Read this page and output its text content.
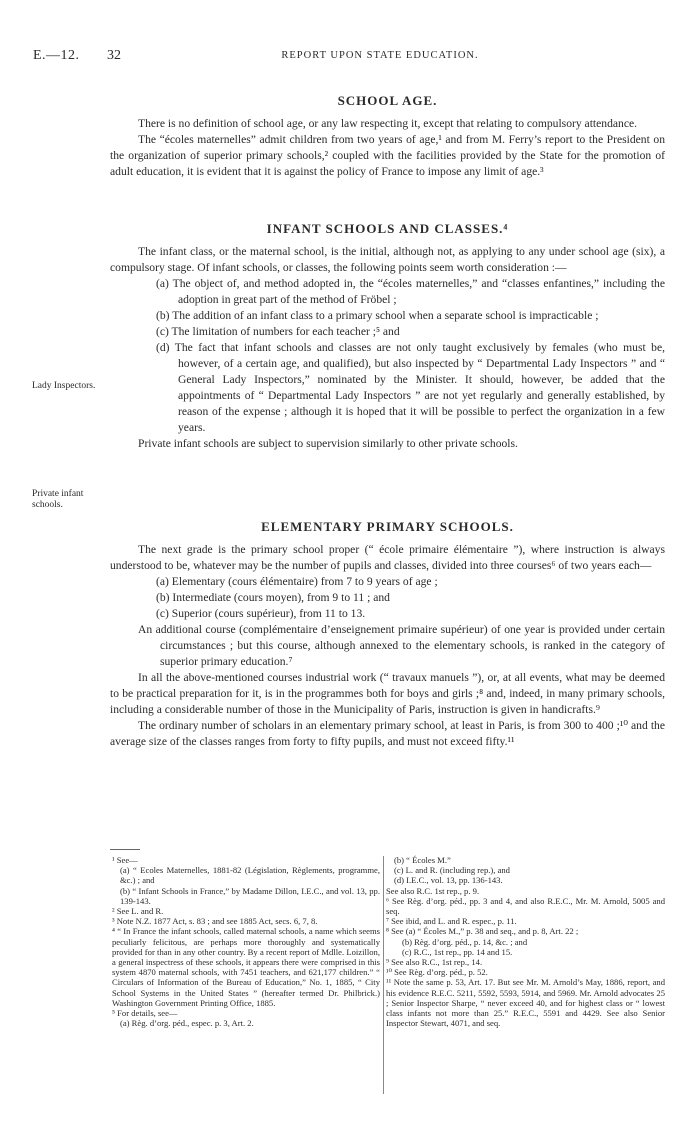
E.—12. 32	REPORT UPON STATE EDUCATION.
SCHOOL AGE.

There is no definition of school age, or any law respecting it, except that relating to compulsory attendance.

The “écoles maternelles” admit children from two years of age,¹ and from M. Ferry’s report to the President on the organization of superior primary schools,² coupled with the facilities provided by the State for the promotion of adult education, it is evident that it is against the policy of France to impose any limit of age.³

INFANT SCHOOLS AND CLASSES.⁴

The infant class, or the maternal school, is the initial, although not, as applying to any under school age (six), a compulsory stage. Of infant schools, or classes, the following points seem worth consideration :—

(a) The object of, and method adopted in, the “écoles maternelles,” and “classes enfantines,” including the adoption in great part of the method of Fröbel ;

(b) The addition of an infant class to a primary school when a separate school is impracticable ;

(c) The limitation of numbers for each teacher ;⁵ and

(d) The fact that infant schools and classes are not only taught exclusively by females (who must be, however, of a certain age, and qualified), but also inspected by “ Departmental Lady Inspectors ” and “ General Lady Inspectors,” nominated by the Minister. It should, however, be added that the appointments of “ Departmental Lady Inspectors ” are not yet regularly and generally established, by reason of the expense ; although it is hoped that it will be possible to perfect the organization in a few years.

Private infant schools are subject to supervision similarly to other private schools.

Lady Inspectors.
Private infant schools.
ELEMENTARY PRIMARY SCHOOLS.

The next grade is the primary school proper (“ école primaire élémentaire ”), where instruction is always understood to be, whatever may be the number of pupils and classes, divided into three courses⁶ of two years each—

(a) Elementary (cours élémentaire) from 7 to 9 years of age ;

(b) Intermediate (cours moyen), from 9 to 11 ; and

(c) Superior (cours supérieur), from 11 to 13.

An additional course (complémentaire d’enseignement primaire supérieur) of one year is provided under certain circumstances ; but this course, although annexed to the elementary schools, is ranked in the category of superior primary education.⁷

In all the above-mentioned courses industrial work (“ travaux manuels ”), or, at all events, what may be deemed to be practical preparation for it, is in the programmes both for boys and girls ;⁸ and, indeed, in many primary schools, including a considerable number of those in the Municipality of Paris, instruction is given in handicrafts.⁹

The ordinary number of scholars in an elementary primary school, at least in Paris, is from 300 to 400 ;¹⁰ and the average size of the classes ranges from forty to fifty pupils, and must not exceed fifty.¹¹

¹ See—

(a) “ Ecoles Maternelles, 1881-82 (Législation, Règlements, programme, &c.) ; and

(b) “ Infant Schools in France,” by Madame Dillon, I.E.C., and vol. 13, pp. 139-143.

² See L. and R.

³ Note N.Z. 1877 Act, s. 83 ; and see 1885 Act, secs. 6, 7, 8.

⁴ “ In France the infant schools, called maternal schools, a name which seems peculiarly felicitous, are perhaps more thoroughly and systematically provided for than in any other country. By a recent report of Mdlle. Loizillon, a general inspectress of these schools, it appears there were comprised in this system 4870 maternal schools, with 7451 teachers, and 621,177 children.” “ Circulars of Information of the Bureau of Education,” No. 1, 1885, “ City School Systems in the United States ” (hereafter termed Dr. Philbrick.) Washington Government Printing Office, 1885.

⁵ For details, see—

(a) Règ. d’org. péd., espec. p. 3, Art. 2.

(b) “ Écoles M.”

(c) L. and R. (including rep.), and

(d) I.E.C., vol. 13, pp. 136-143.

See also R.C. 1st rep., p. 9.

⁶ See Règ. d’org. péd., pp. 3 and 4, and also R.E.C., Mr. M. Arnold, 5005 and seq.

⁷ See ibid, and L. and R. espec., p. 11.

⁸ See (a) “ Écoles M.,” p. 38 and seq., and p. 8, Art. 22 ;

(b) Règ. d’org. péd., p. 14, &c. ; and

(c) R.C., 1st rep., pp. 14 and 15.

⁹ See also R.C., 1st rep., 14.

¹⁰ See Règ. d’org. péd., p. 52.

¹¹ Note the same p. 53, Art. 17. But see Mr. M. Arnold’s May, 1886, report, and his evidence R.E.C. 5211, 5592, 5593, 5914, and 5969. Mr. Arnold advocates 25 ; Senior Inspector Sharpe, “ never exceed 40, and for highest class or “ lowest class infants not more than 25.” R.E.C., 5591 and 4429. See also Senior Inspector Stewart, 4071, and seq.
